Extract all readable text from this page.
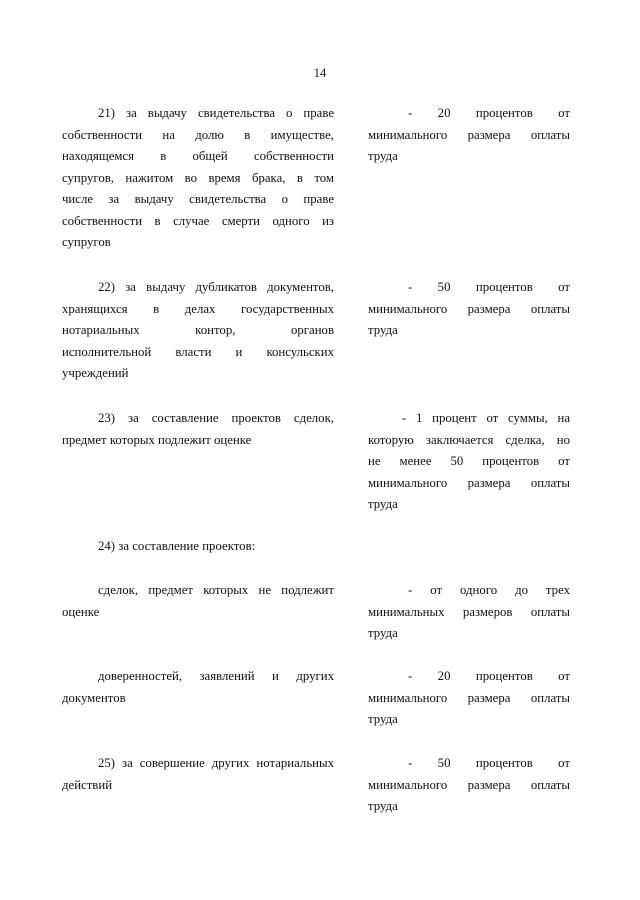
14
21) за выдачу свидетельства о праве
собственности на долю в имуществе,
находящемся в общей собственности
супругов, нажитом во время брака, в том
числе за выдачу свидетельства о праве
собственности в случае смерти одного из
супругов
- 20 процентов от
минимального размера оплаты
труда
22) за выдачу дубликатов документов,
хранящихся в делах государственных
нотариальных контор, органов
исполнительной власти и консульских
учреждений
- 50 процентов от
минимального размера оплаты
труда
23) за составление проектов сделок,
предмет которых подлежит оценке
- 1 процент от суммы, на
которую заключается сделка, но
не менее 50 процентов от
минимального размера оплаты
труда
24) за составление проектов:
сделок, предмет которых не подлежит
оценке
- от одного до трех
минимальных размеров оплаты
труда
доверенностей, заявлений и других
документов
- 20 процентов от
минимального размера оплаты
труда
25) за совершение других нотариальных
действий
- 50 процентов от
минимального размера оплаты
труда
